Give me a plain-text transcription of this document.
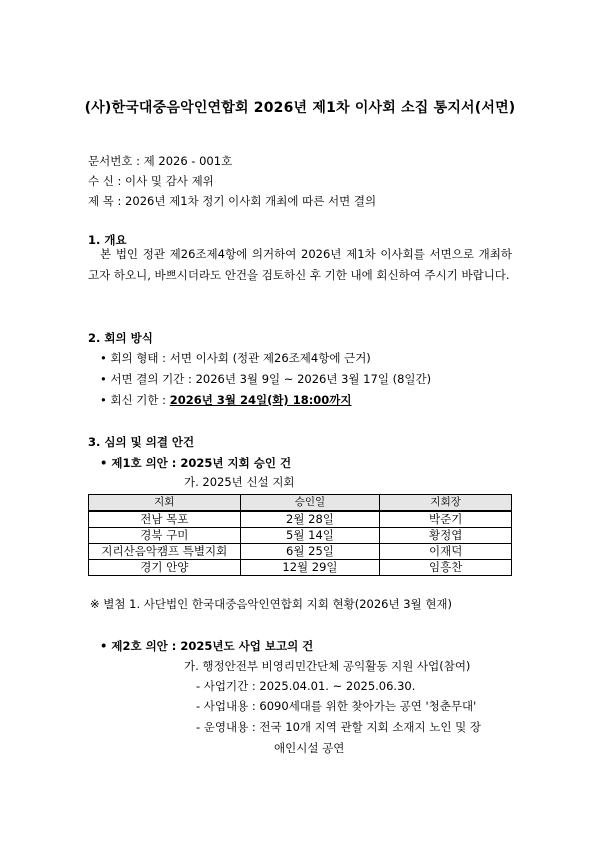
(사)한국대중음악인연합회 2026년 제1차 이사회 소집 통지서(서면)
문서번호 : 제 2026 - 001호
수 신 : 이사 및 감사 제위
제 목 : 2026년 제1차 정기 이사회 개최에 따른 서면 결의
1. 개요
본 법인 정관 제26조제4항에 의거하여 2026년 제1차 이사회를 서면으로 개최하고자 하오니, 바쁘시더라도 안건을 검토하신 후 기한 내에 회신하여 주시기 바랍니다.
2. 회의 방식
• 회의 형태 : 서면 이사회 (정관 제26조제4항에 근거)
• 서면 결의 기간 : 2026년 3월 9일 ~ 2026년 3월 17일 (8일간)
• 회신 기한 : 2026년 3월 24일(화) 18:00까지
3. 심의 및 의결 안건
• 제1호 의안 : 2025년 지회 승인 건
가. 2025년 신설 지회
지회	승인일	지회장
전남 목포	2월 28일	박준기
경북 구미	5월 14일	황정엽
지리산음악캠프 특별지회	6월 25일	이재덕
경기 안양	12월 29일	임흥찬
※ 별첨 1. 사단법인 한국대중음악인연합회 지회 현황(2026년 3월 현재)
• 제2호 의안 : 2025년도 사업 보고의 건
가. 행정안전부 비영리민간단체 공익활동 지원 사업(참여)
- 사업기간 : 2025.04.01. ~ 2025.06.30.
- 사업내용 : 6090세대를 위한 찾아가는 공연 '청춘무대'
- 운영내용 : 전국 10개 지역 관할 지회 소재지 노인 및 장
애인시설 공연
